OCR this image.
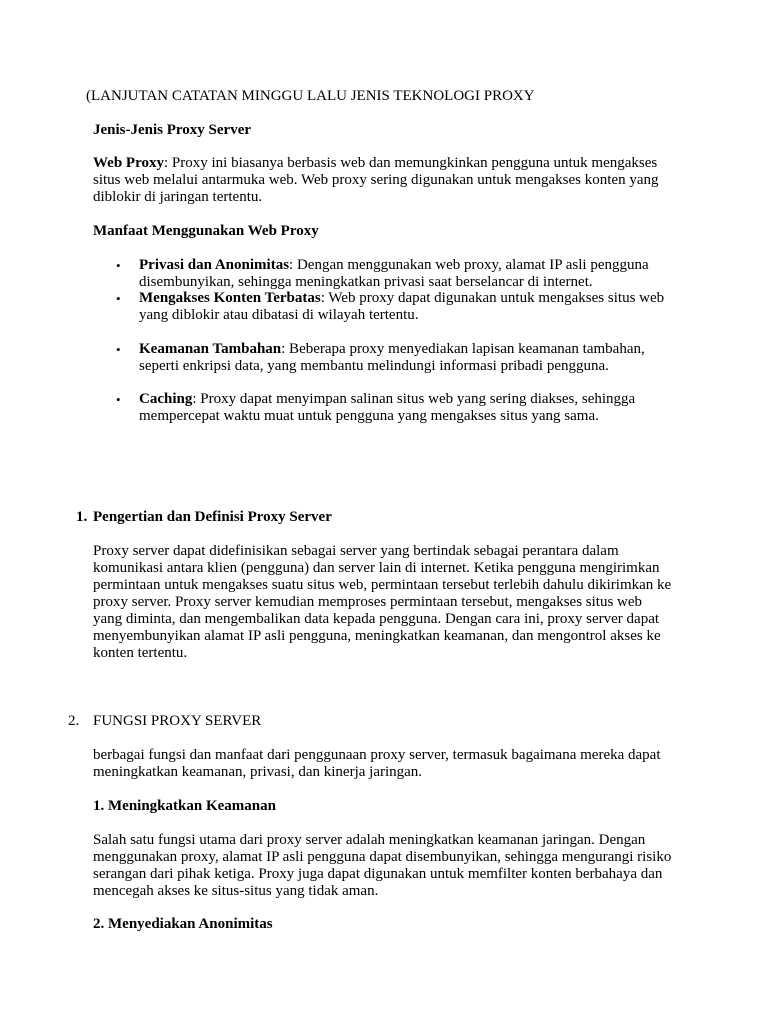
(LANJUTAN CATATAN MINGGU LALU JENIS TEKNOLOGI PROXY
Jenis-Jenis Proxy Server
Web Proxy: Proxy ini biasanya berbasis web dan memungkinkan pengguna untuk mengakses situs web melalui antarmuka web. Web proxy sering digunakan untuk mengakses konten yang diblokir di jaringan tertentu.
Manfaat Menggunakan Web Proxy
• Privasi dan Anonimitas: Dengan menggunakan web proxy, alamat IP asli pengguna disembunyikan, sehingga meningkatkan privasi saat berselancar di internet.
• Mengakses Konten Terbatas: Web proxy dapat digunakan untuk mengakses situs web yang diblokir atau dibatasi di wilayah tertentu.
• Keamanan Tambahan: Beberapa proxy menyediakan lapisan keamanan tambahan, seperti enkripsi data, yang membantu melindungi informasi pribadi pengguna.
• Caching: Proxy dapat menyimpan salinan situs web yang sering diakses, sehingga mempercepat waktu muat untuk pengguna yang mengakses situs yang sama.
1. Pengertian dan Definisi Proxy Server
Proxy server dapat didefinisikan sebagai server yang bertindak sebagai perantara dalam komunikasi antara klien (pengguna) dan server lain di internet. Ketika pengguna mengirimkan permintaan untuk mengakses suatu situs web, permintaan tersebut terlebih dahulu dikirimkan ke proxy server. Proxy server kemudian memproses permintaan tersebut, mengakses situs web yang diminta, dan mengembalikan data kepada pengguna. Dengan cara ini, proxy server dapat menyembunyikan alamat IP asli pengguna, meningkatkan keamanan, dan mengontrol akses ke konten tertentu.
2. FUNGSI PROXY SERVER
berbagai fungsi dan manfaat dari penggunaan proxy server, termasuk bagaimana mereka dapat meningkatkan keamanan, privasi, dan kinerja jaringan.
1. Meningkatkan Keamanan
Salah satu fungsi utama dari proxy server adalah meningkatkan keamanan jaringan. Dengan menggunakan proxy, alamat IP asli pengguna dapat disembunyikan, sehingga mengurangi risiko serangan dari pihak ketiga. Proxy juga dapat digunakan untuk memfilter konten berbahaya dan mencegah akses ke situs-situs yang tidak aman.
2. Menyediakan Anonimitas
